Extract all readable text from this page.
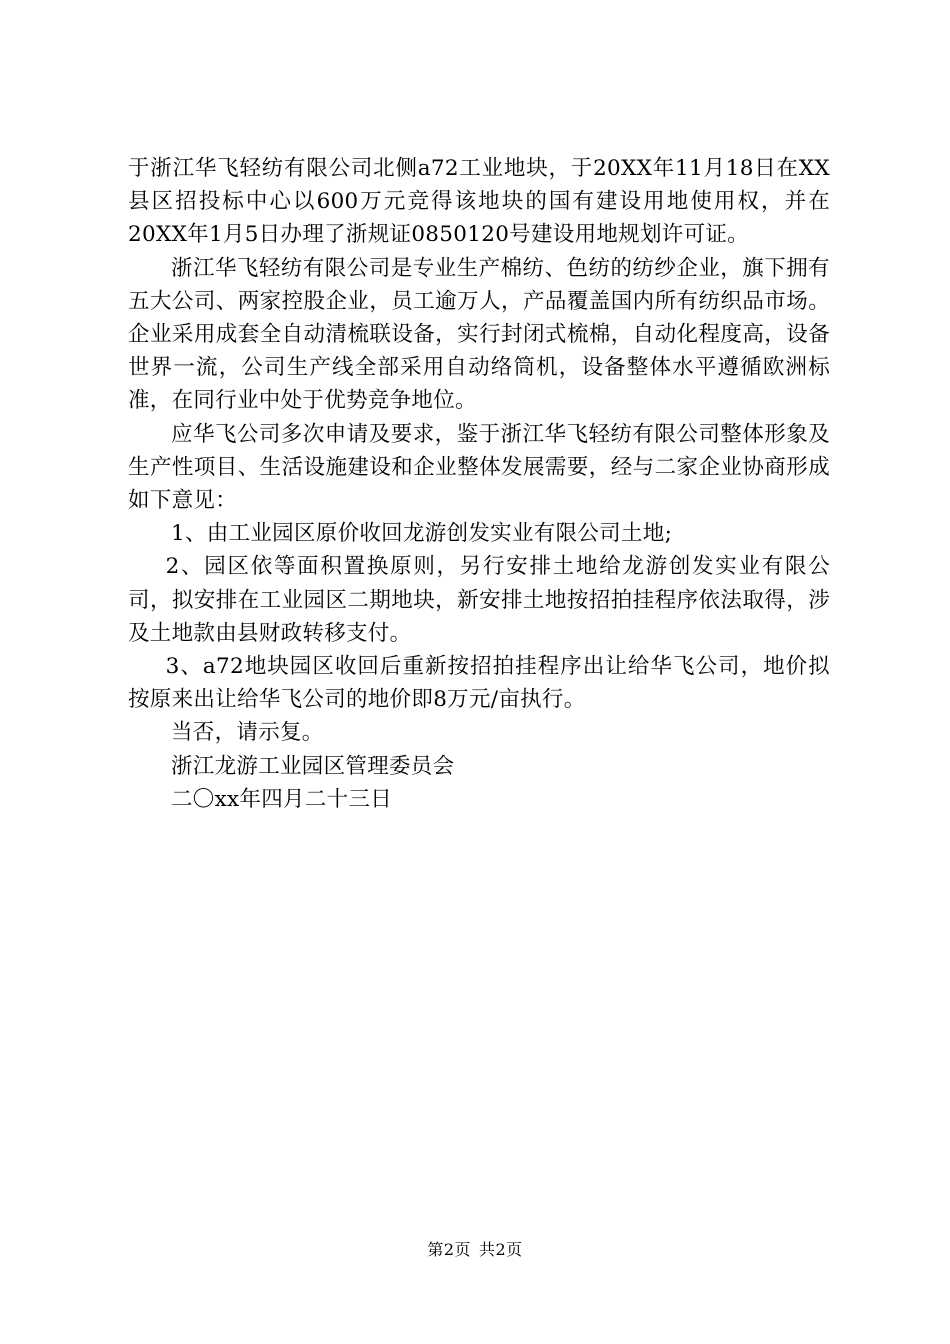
于浙江华飞轻纺有限公司北侧a72工业地块，于20XX年11月18日在XX县区招投标中心以600万元竞得该地块的国有建设用地使用权，并在20XX年1月5日办理了浙规证0850120号建设用地规划许可证。

浙江华飞轻纺有限公司是专业生产棉纺、色纺的纺纱企业，旗下拥有五大公司、两家控股企业，员工逾万人，产品覆盖国内所有纺织品市场。企业采用成套全自动清梳联设备，实行封闭式梳棉，自动化程度高，设备世界一流，公司生产线全部采用自动络筒机，设备整体水平遵循欧洲标准，在同行业中处于优势竞争地位。

应华飞公司多次申请及要求，鉴于浙江华飞轻纺有限公司整体形象及生产性项目、生活设施建设和企业整体发展需要，经与二家企业协商形成如下意见：

1、由工业园区原价收回龙游创发实业有限公司土地;

2、园区依等面积置换原则，另行安排土地给龙游创发实业有限公司，拟安排在工业园区二期地块，新安排土地按招拍挂程序依法取得，涉及土地款由县财政转移支付。

3、a72地块园区收回后重新按招拍挂程序出让给华飞公司，地价拟按原来出让给华飞公司的地价即8万元/亩执行。

当否，请示复。

浙江龙游工业园区管理委员会

二〇xx年四月二十三日

第2页 共2页
